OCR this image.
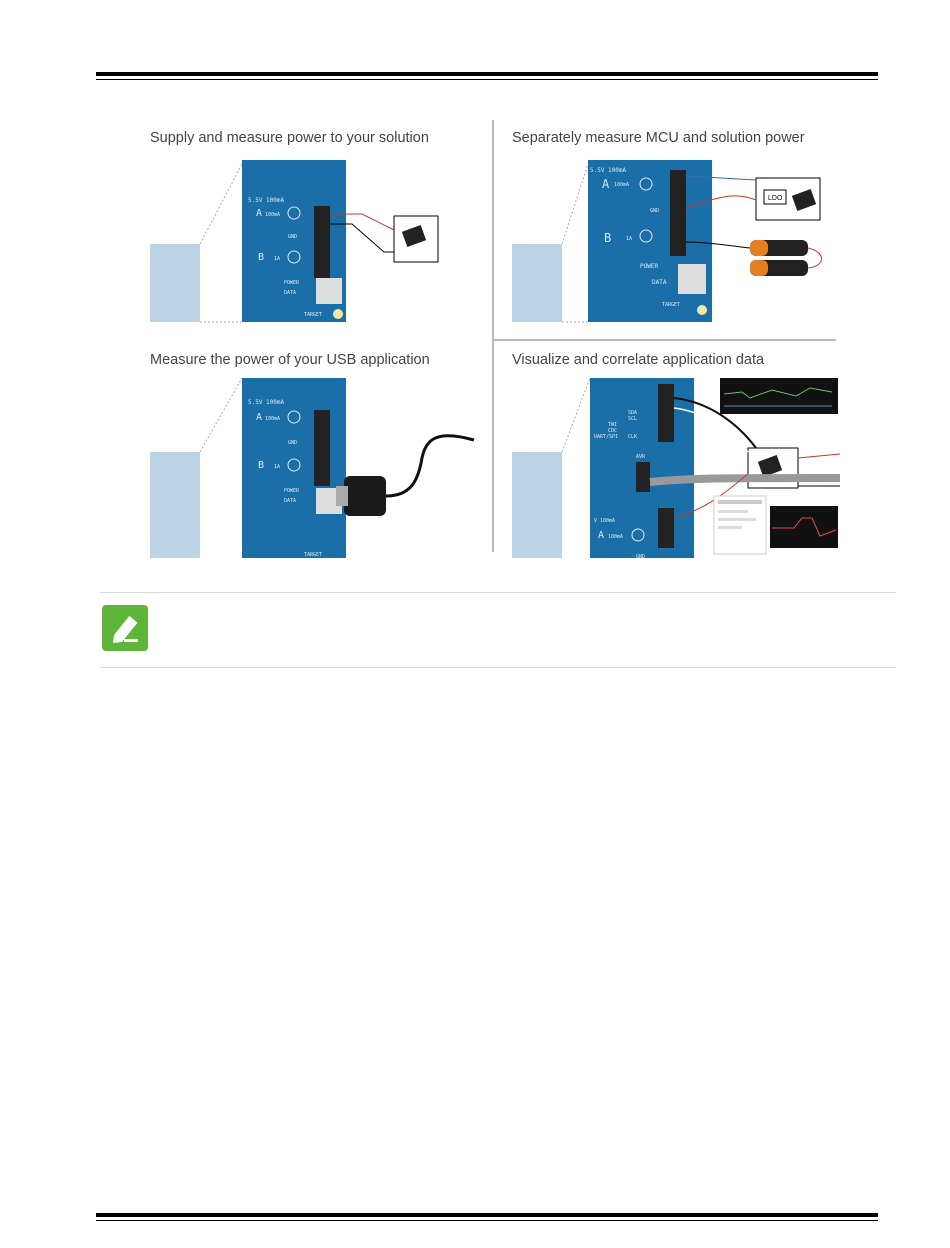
Supply and measure power to your solution
5.5V 100mA
A 100mA
GND
B 1A
POWER
DATA
TARGET
Separately measure MCU and solution power
5.5V 100mA
A 100mA
GND
B	1A
POWER
DATA
TARGET
LDO
Measure the power of your USB application
5.5V 100mA
A 100mA
GND
B 1A
POWER
DATA
TARGET
Visualize and correlate application data
TWI
CDC
UART/SPI
SDA
SCL
CLK
AVR
V 100mA
A 100mA
GND
